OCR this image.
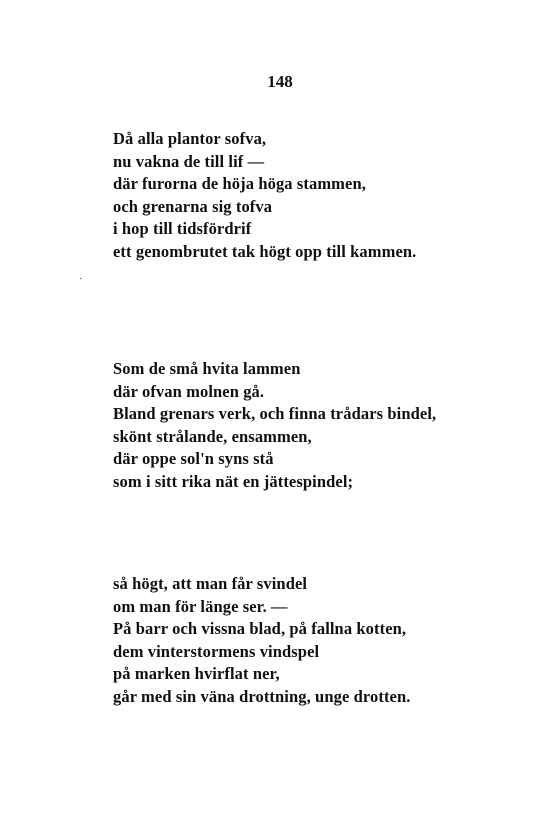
148
ˎ
Då alla plantor sofva,
nu vakna de till lif —
där furorna de höja höga stammen,
och grenarna sig tofva
i hop till tidsfördrif
ett genombrutet tak högt opp till kammen.
Som de små hvita lammen
där ofvan molnen gå.
Bland grenars verk, och finna trådars bindel,
skönt strålande, ensammen,
där oppe sol'n syns stå
som i sitt rika nät en jättespindel;
så högt, att man får svindel
om man för länge ser. —
På barr och vissna blad, på fallna kotten,
dem vinterstormens vindspel
på marken hvirflat ner,
går med sin väna drottning, unge drotten.
